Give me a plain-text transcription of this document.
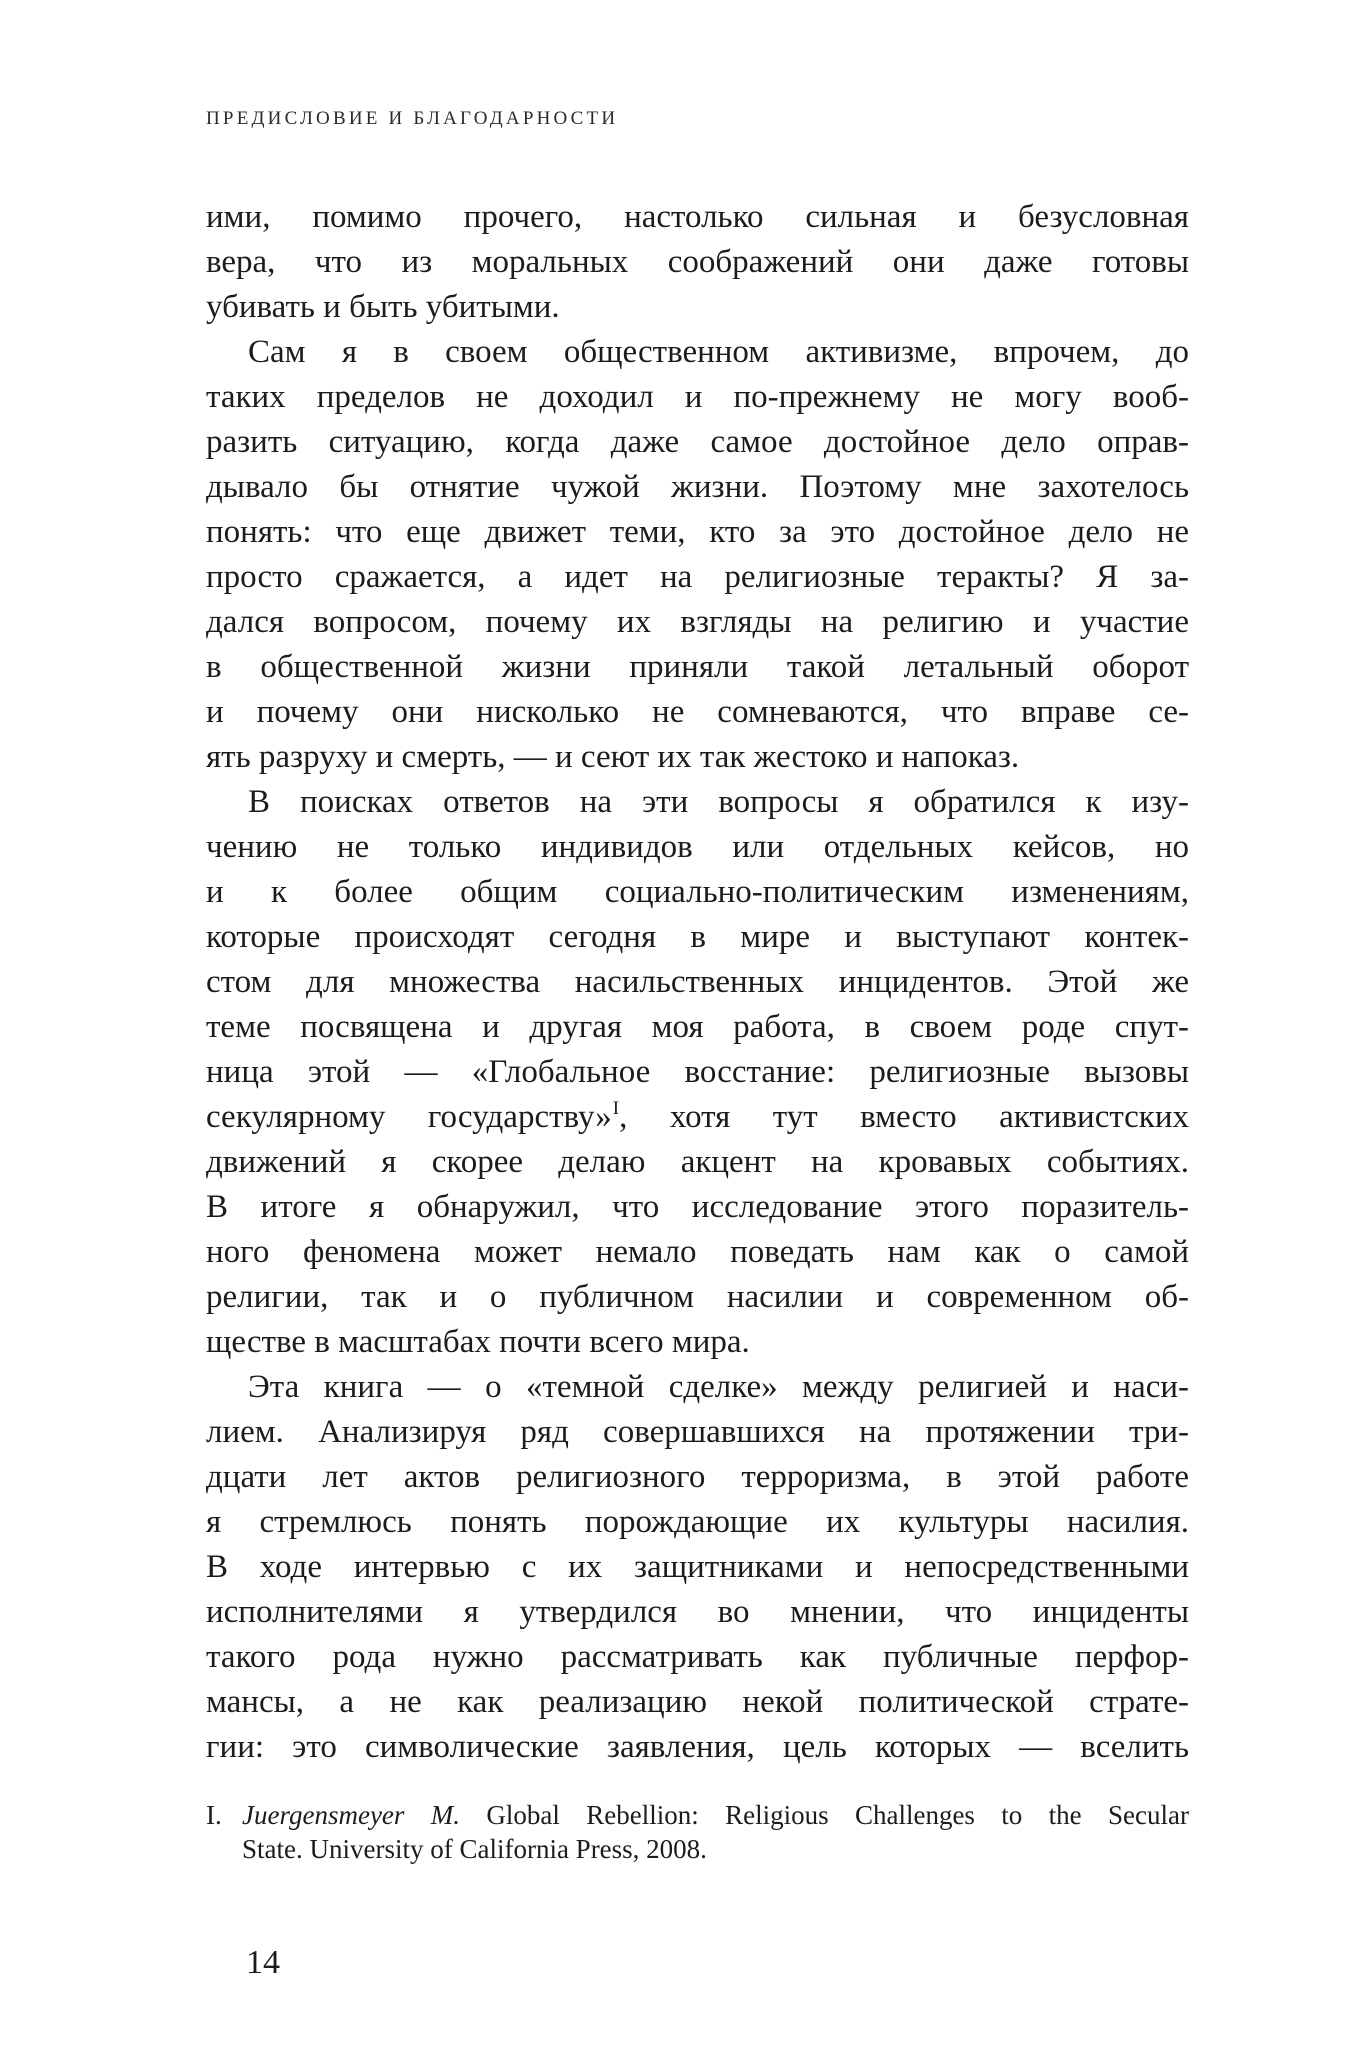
ПРЕДИСЛОВИЕ И БЛАГОДАРНОСТИ
ими, помимо прочего, настолько сильная и безусловная
вера, что из моральных соображений они даже готовы
убивать и быть убитыми.
Сам я в своем общественном активизме, впрочем, до
таких пределов не доходил и по-прежнему не могу вооб-
разить ситуацию, когда даже самое достойное дело оправ-
дывало бы отнятие чужой жизни. Поэтому мне захотелось
понять: что еще движет теми, кто за это достойное дело не
просто сражается, а идет на религиозные теракты? Я за-
дался вопросом, почему их взгляды на религию и участие
в общественной жизни приняли такой летальный оборот
и почему они нисколько не сомневаются, что вправе се-
ять разруху и смерть, — и сеют их так жестоко и напоказ.
В поисках ответов на эти вопросы я обратился к изу-
чению не только индивидов или отдельных кейсов, но
и к более общим социально-политическим изменениям,
которые происходят сегодня в мире и выступают контек-
стом для множества насильственных инцидентов. Этой же
теме посвящена и другая моя работа, в своем роде спут-
ница этой — «Глобальное восстание: религиозные вызовы
секулярному государству»$^I$, хотя тут вместо активистских
движений я скорее делаю акцент на кровавых событиях.
В итоге я обнаружил, что исследование этого поразитель-
ного феномена может немало поведать нам как о самой
религии, так и о публичном насилии и современном об-
ществе в масштабах почти всего мира.
Эта книга — о «темной сделке» между религией и наси-
лием. Анализируя ряд совершавшихся на протяжении три-
дцати лет актов религиозного терроризма, в этой работе
я стремлюсь понять порождающие их культуры насилия.
В ходе интервью с их защитниками и непосредственными
исполнителями я утвердился во мнении, что инциденты
такого рода нужно рассматривать как публичные перфор-
мансы, а не как реализацию некой политической страте-
гии: это символические заявления, цель которых — вселить
I. Juergensmeyer M. Global Rebellion: Religious Challenges to the Secular
State. University of California Press, 2008.
14
